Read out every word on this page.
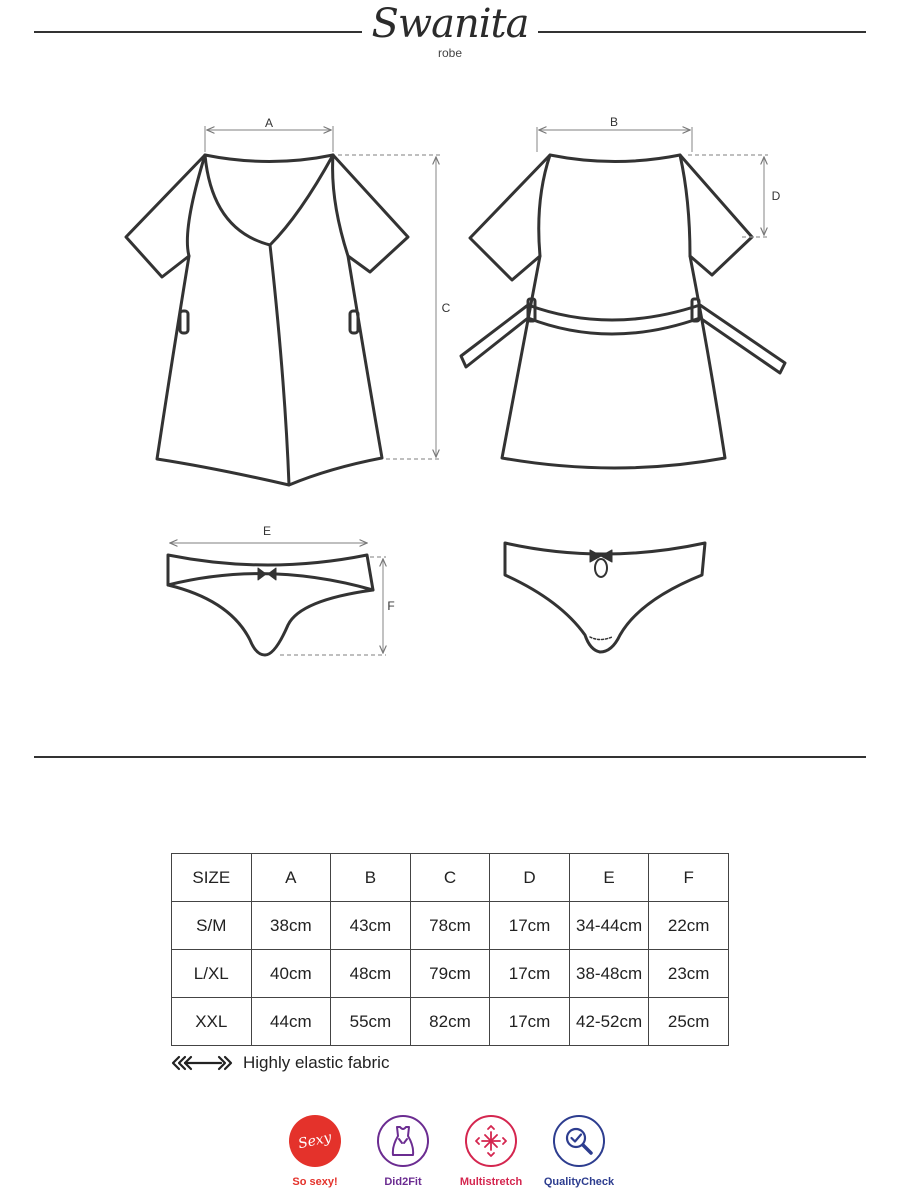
Swanita
robe
A	B
C
D
E
F
SIZE	A	B	C	D	E	F
S/M	38cm	43cm	78cm	17cm	34-44cm	22cm
L/XL	40cm	48cm	79cm	17cm	38-48cm	23cm
XXL	44cm	55cm	82cm	17cm	42-52cm	25cm
Highly elastic fabric
Sexy
So sexy!	Did2Fit	Multistretch	QualityCheck
